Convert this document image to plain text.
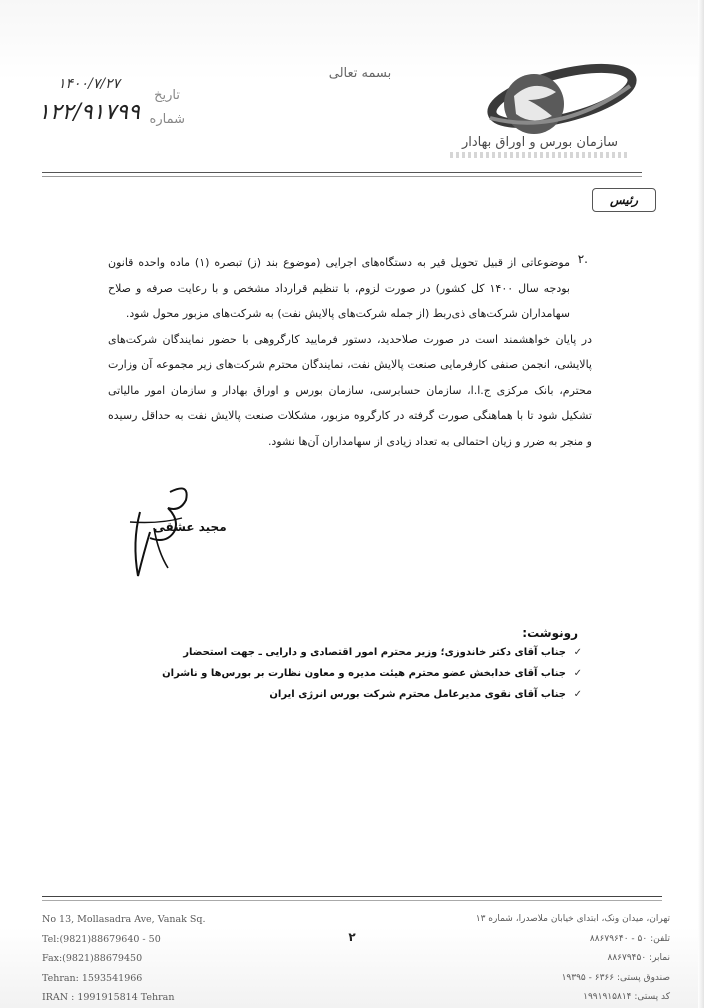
سازمان بورس و اوراق بهادار
بسمه تعالی
تاریخ
۱۴۰۰/۷/۲۷
شماره
۱۲۲/۹۱۷۹۹
رئیس
.۲

موضوعاتی از قبیل تحویل قیر به دستگاه‌های اجرایی (موضوع بند (ز) تبصره (۱) ماده واحده قانون بودجه سال ۱۴۰۰ کل کشور) در صورت لزوم، با تنظیم قرارداد مشخص و با رعایت صرفه و صلاح سهامداران شرکت‌های ذی‌ربط (از جمله شرکت‌های پالایش نفت) به شرکت‌های مزبور محول شود.

در پایان خواهشمند است در صورت صلاحدید، دستور فرمایید کارگروهی با حضور نمایندگان شرکت‌های پالایشی، انجمن صنفی کارفرمایی صنعت پالایش نفت، نمایندگان محترم شرکت‌های زیر مجموعه آن وزارت محترم، بانک مرکزی ج.ا.ا، سازمان حسابرسی، سازمان بورس و اوراق بهادار و سازمان امور مالیاتی تشکیل شود تا با هماهنگی صورت گرفته در کارگروه مزبور، مشکلات صنعت پالایش نفت به حداقل رسیده و منجر به ضرر و زیان احتمالی به تعداد زیادی از سهامداران آن‌ها نشود.

مجید عشقی
رونوشت:
✓
جناب آقای دکتر خاندوزی؛ وزیر محترم امور اقتصادی و دارایی ـ جهت استحضار
✓
جناب آقای خدابخش عضو محترم هیئت مدیره و معاون نظارت بر بورس‌ها و ناشران
✓
جناب آقای نقوی مدیرعامل محترم شرکت بورس انرژی ایران
No 13, Mollasadra Ave, Vanak Sq.
Tel:(9821)88679640 - 50
Fax:(9821)88679450
Tehran: 1593541966
IRAN : 1991915814 Tehran
۲
تهران، میدان ونک، ابتدای خیابان ملاصدرا، شماره ۱۳
تلفن: ۵۰ - ۸۸۶۷۹۶۴۰
نمابر: ۸۸۶۷۹۴۵۰
صندوق پستی: ۶۳۶۶ - ۱۹۳۹۵
کد پستی: ۱۹۹۱۹۱۵۸۱۴
